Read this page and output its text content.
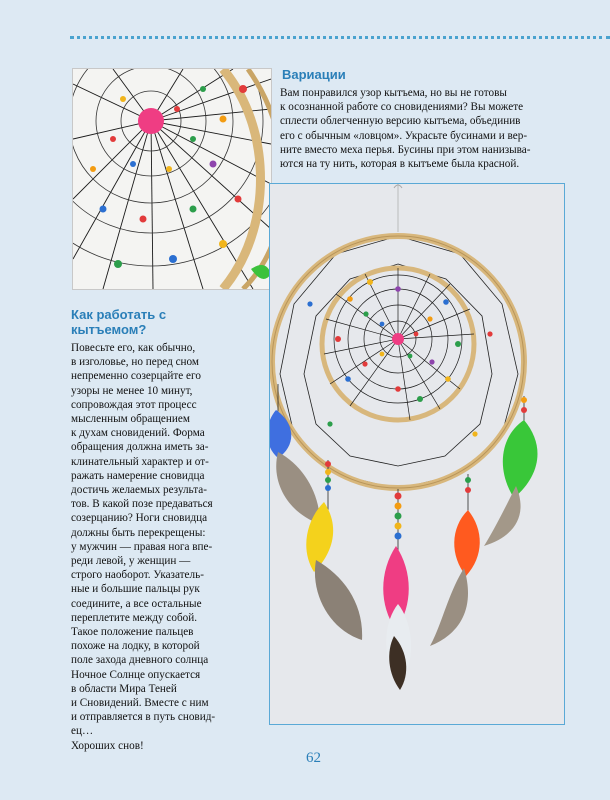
Вариации
Вам понравился узор кытъема, но вы не готовы
к осознанной работе со сновидениями? Вы можете
сплести облегченную версию кытъема, объединив
его с обычным «ловцом». Украсьте бусинами и вер-
ните вместо меха перья. Бусины при этом нанизыва-
ются на ту нить, которая в кытъеме была красной.
Как работать с кытъемом?
Повесьте его, как обычно,
в изголовье, но перед сном
непременно созерцайте его
узоры не менее 10 минут,
сопровождая этот процесс
мысленным обращением
к духам сновидений. Форма
обращения должна иметь за-
клинательный характер и от-
ражать намерение сновидца
достичь желаемых результа-
тов. В какой позе предаваться
созерцанию? Ноги сновидца
должны быть перекрещены:
у мужчин — правая нога впе-
реди левой, у женщин —
строго наоборот. Указатель-
ные и большие пальцы рук
соедините, а все остальные
переплетите между собой.
Такое положение пальцев
похоже на лодку, в которой
поле захода дневного солнца
Ночное Солнце опускается
в области Мира Теней
и Сновидений. Вместе с ним
и отправляется в путь сновид-
ец…
Хороших снов!
62
